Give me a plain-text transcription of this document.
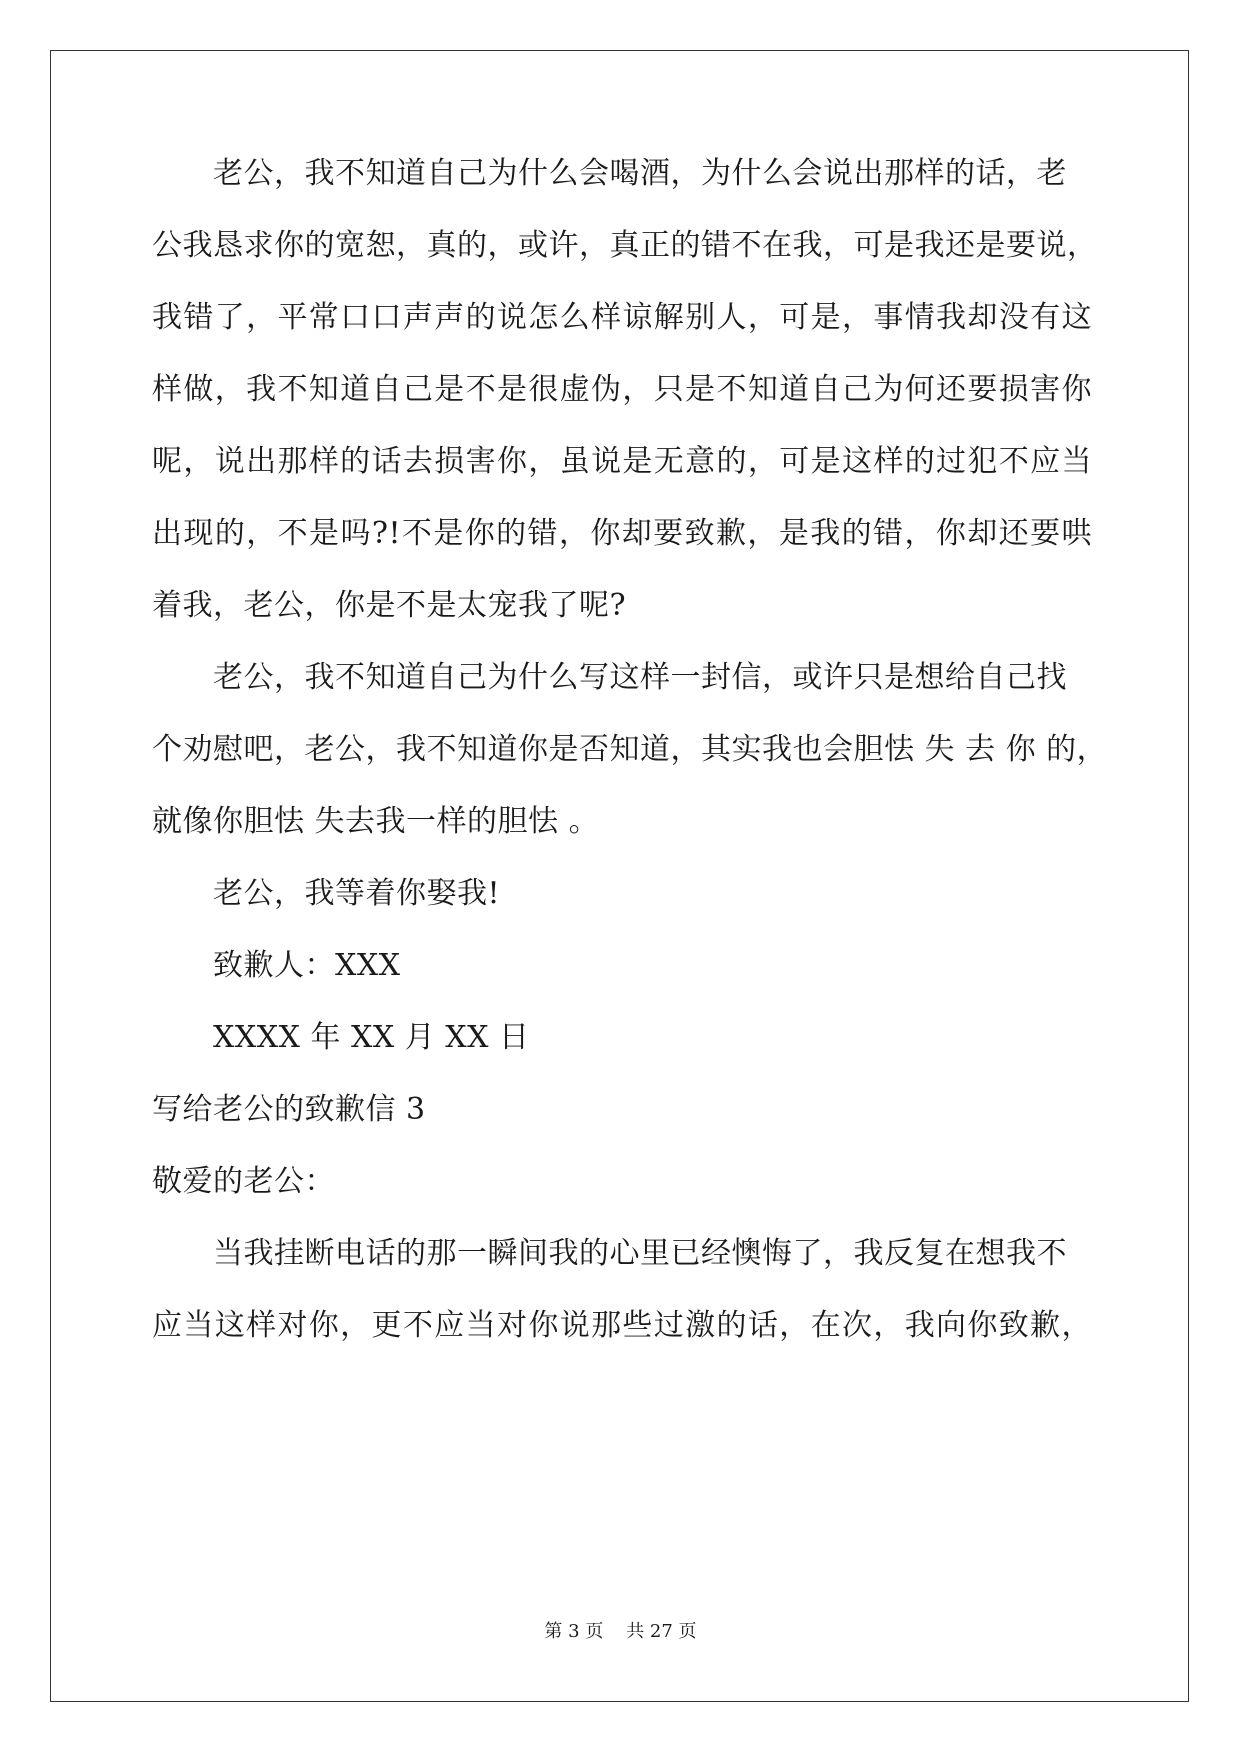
老公，我不知道自己为什么会喝酒，为什么会说出那样的话，老
公我恳求你的宽恕，真的，或许，真正的错不在我，可是我还是要说，
我错了，平常口口声声的说怎么样谅解别人，可是，事情我却没有这
样做，我不知道自己是不是很虚伪，只是不知道自己为何还要损害你
呢，说出那样的话去损害你，虽说是无意的，可是这样的过犯不应当
出现的，不是吗?!不是你的错，你却要致歉，是我的错，你却还要哄
着我，老公，你是不是太宠我了呢?
老公，我不知道自己为什么写这样一封信，或许只是想给自己找
个劝慰吧，老公，我不知道你是否知道，其实我也会胆怯 失 去 你 的，
就像你胆怯 失去我一样的胆怯 。
老公，我等着你娶我!
致歉人：XXX
XXXX 年 XX 月 XX 日
写给老公的致歉信 3
敬爱的老公：
当我挂断电话的那一瞬间我的心里已经懊悔了，我反复在想我不
应当这样对你，更不应当对你说那些过激的话，在次，我向你致歉，
第 3 页    共 27 页
